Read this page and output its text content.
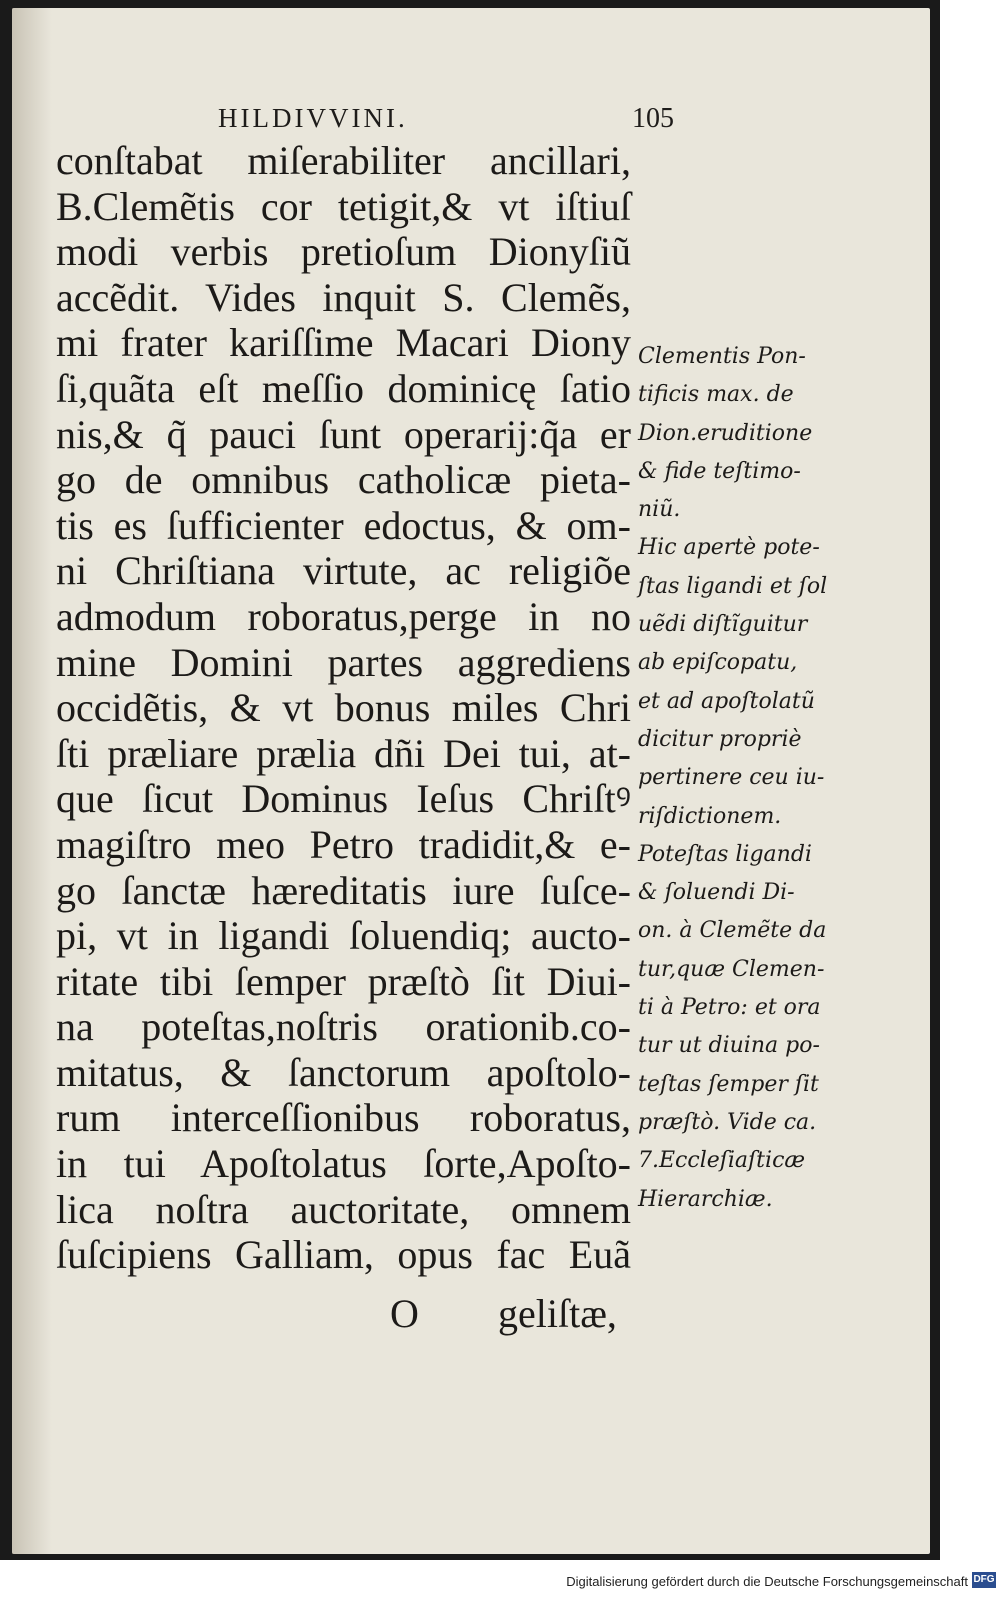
HILDIVVINI.	105
conſtabat miſerabiliter ancillari,
B.Clemẽtis cor tetigit,& vt iſtiuſ
modi verbis pretioſum Dionyſiũ
accẽdit. Vides inquit S. Clemẽs,
mi frater kariſſime Macari Diony
ſi,quãta eſt meſſio dominicę ſatio
nis,& q̃ pauci ſunt operarij:q̃a er
go de omnibus catholicæ pieta-
tis es ſufficienter edoctus, & om-
ni Chriſtiana virtute, ac religiõe
admodum roboratus,perge in no
mine Domini partes aggrediens
occidẽtis, & vt bonus miles Chri
ſti præliare prælia dñi Dei tui, at-
que ſicut Dominus Ieſus Chriſtꝰ
magiſtro meo Petro tradidit,& e-
go ſanctæ hæreditatis iure ſuſce-
pi, vt in ligandi ſoluendiq; aucto-
ritate tibi ſemper præſtò ſit Diui-
na poteſtas,noſtris orationib.co-
mitatus, & ſanctorum apoſtolo-
rum interceſſionibus roboratus,
in tui Apoſtolatus ſorte,Apoſto-
lica noſtra auctoritate, omnem
ſuſcipiens Galliam, opus fac Euã
Clementis Pon-
tificis max. de
Dion.eruditione
& fide teſtimo-
niũ.
Hic apertè pote-
ſtas ligandi et ſol
uẽdi diſtĩguitur
ab epiſcopatu,
et ad apoſtolatũ
dicitur propriè
pertinere ceu iu-
riſdictionem.
Poteſtas ligandi
& ſoluendi Di-
on. à Clemẽte da
tur,quæ Clemen-
ti à Petro: et ora
tur ut diuina po-
teſtas ſemper ſit
præſtò. Vide ca.
7.Eccleſiaſticæ
Hierarchiæ.
O geliſtæ,
Digitalisierung gefördert durch die Deutsche Forschungsgemeinschaft DFG
